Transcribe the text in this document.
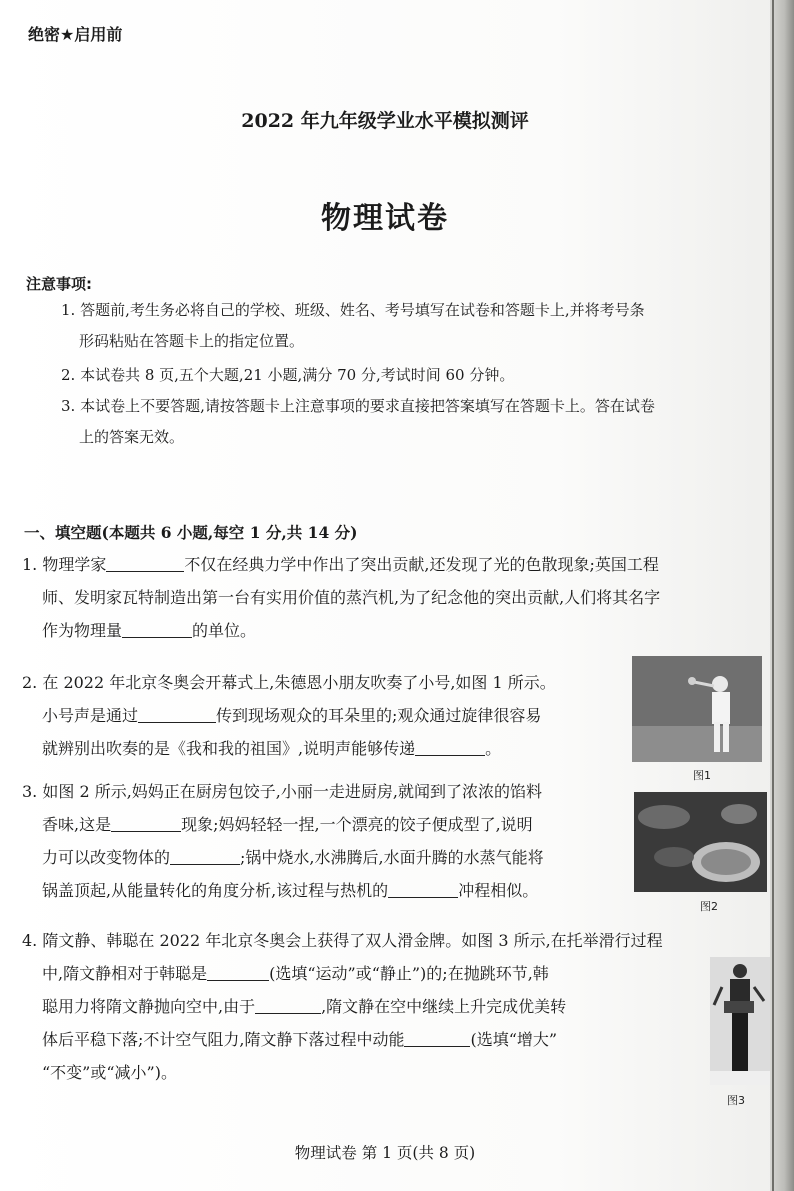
绝密★启用前
2022 年九年级学业水平模拟测评
物理试卷
注意事项:
1. 答题前,考生务必将自己的学校、班级、姓名、考号填写在试卷和答题卡上,并将考号条
形码粘贴在答题卡上的指定位置。
2. 本试卷共 8 页,五个大题,21 小题,满分 70 分,考试时间 60 分钟。
3. 本试卷上不要答题,请按答题卡上注意事项的要求直接把答案填写在答题卡上。答在试卷
上的答案无效。
一、填空题(本题共 6 小题,每空 1 分,共 14 分)
1. 物理学家	不仅在经典力学中作出了突出贡献,还发现了光的色散现象;英国工程
师、发明家瓦特制造出第一台有实用价值的蒸汽机,为了纪念他的突出贡献,人们将其名字
作为物理量	的单位。
2. 在 2022 年北京冬奥会开幕式上,朱德恩小朋友吹奏了小号,如图 1 所示。
小号声是通过	传到现场观众的耳朵里的;观众通过旋律很容易
就辨别出吹奏的是《我和我的祖国》,说明声能够传递	。
图1
3. 如图 2 所示,妈妈正在厨房包饺子,小丽一走进厨房,就闻到了浓浓的馅料
香味,这是	现象;妈妈轻轻一捏,一个漂亮的饺子便成型了,说明
力可以改变物体的	;锅中烧水,水沸腾后,水面升腾的水蒸气能将
锅盖顶起,从能量转化的角度分析,该过程与热机的	冲程相似。
图2
4. 隋文静、韩聪在 2022 年北京冬奥会上获得了双人滑金牌。如图 3 所示,在托举滑行过程
中,隋文静相对于韩聪是	(选填“运动”或“静止”)的;在抛跳环节,韩
聪用力将隋文静抛向空中,由于	,隋文静在空中继续上升完成优美转
体后平稳下落;不计空气阻力,隋文静下落过程中动能	(选填“增大”
“不变”或“减小”)。
图3
物理试卷 第 1 页(共 8 页)
